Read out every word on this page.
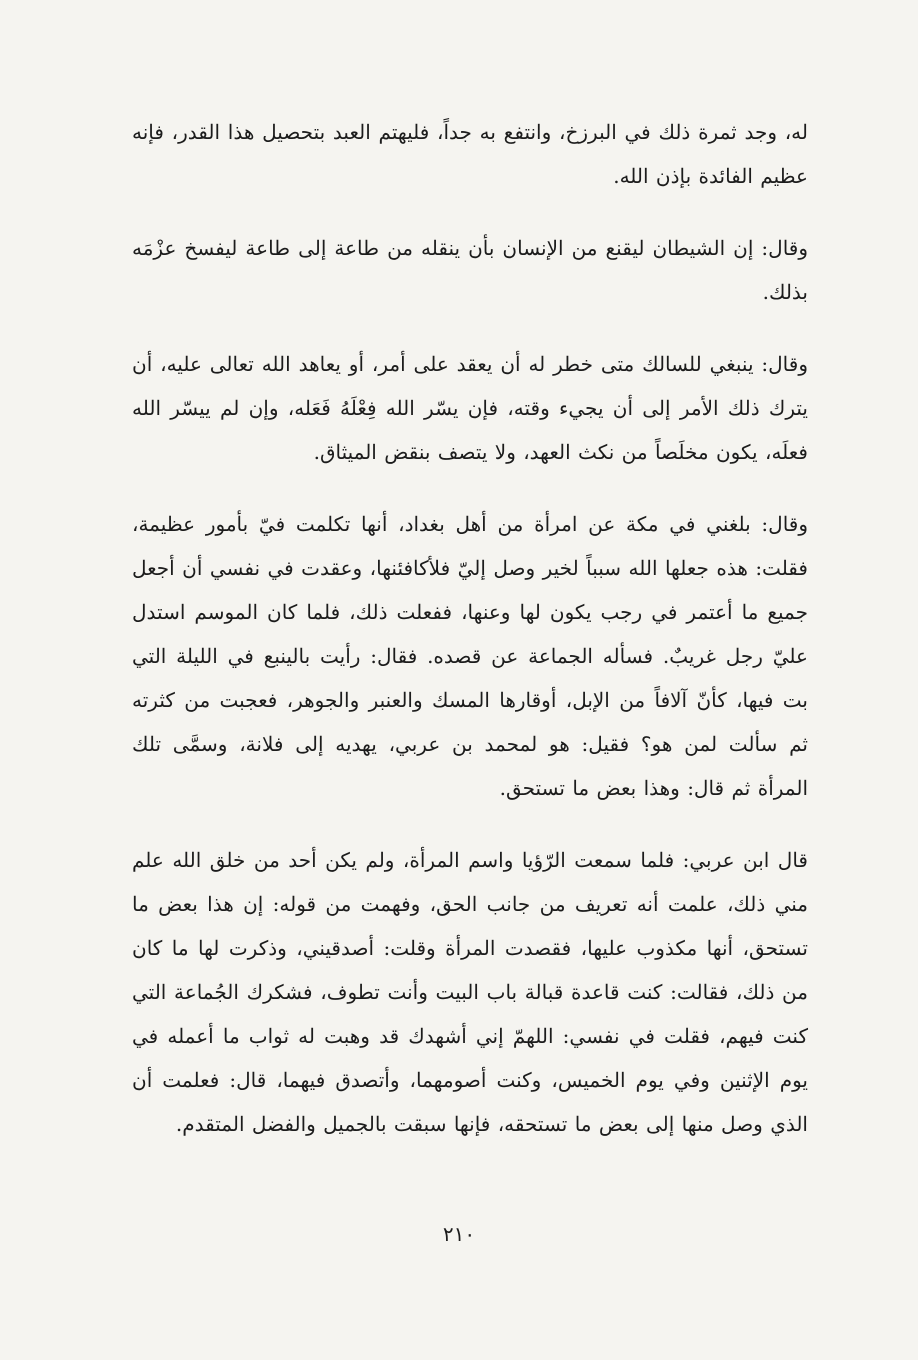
له، وجد ثمرة ذلك في البرزخ، وانتفع به جداً، فليهتم العبد بتحصيل هذا القدر، فإنه عظيم الفائدة بإذن الله.

وقال: إن الشيطان ليقنع من الإنسان بأن ينقله من طاعة إلى طاعة ليفسخ عزْمَه بذلك.

وقال: ينبغي للسالك متى خطر له أن يعقد على أمر، أو يعاهد الله تعالى عليه، أن يترك ذلك الأمر إلى أن يجيء وقته، فإن يسّر الله فِعْلَهُ فَعَله، وإن لم ييسّر الله فعلَه، يكون مخلَصاً من نكث العهد، ولا يتصف بنقض الميثاق.

وقال: بلغني في مكة عن امرأة من أهل بغداد، أنها تكلمت فيّ بأمور عظيمة، فقلت: هذه جعلها الله سبباً لخير وصل إليّ فلأكافئنها، وعقدت في نفسي أن أجعل جميع ما أعتمر في رجب يكون لها وعنها، ففعلت ذلك، فلما كان الموسم استدل عليّ رجل غريبٌ. فسأله الجماعة عن قصده. فقال: رأيت بالينبع في الليلة التي بت فيها، كأنّ آلافاً من الإبل، أوقارها المسك والعنبر والجوهر، فعجبت من كثرته ثم سألت لمن هو؟ فقيل: هو لمحمد بن عربي، يهديه إلى فلانة، وسمَّى تلك المرأة ثم قال: وهذا بعض ما تستحق.

قال ابن عربي: فلما سمعت الرّؤيا واسم المرأة، ولم يكن أحد من خلق الله علم مني ذلك، علمت أنه تعريف من جانب الحق، وفهمت من قوله: إن هذا بعض ما تستحق، أنها مكذوب عليها، فقصدت المرأة وقلت: أصدقيني، وذكرت لها ما كان من ذلك، فقالت: كنت قاعدة قبالة باب البيت وأنت تطوف، فشكرك الجُماعة التي كنت فيهم، فقلت في نفسي: اللهمّ إني أشهدك قد وهبت له ثواب ما أعمله في يوم الإثنين وفي يوم الخميس، وكنت أصومهما، وأتصدق فيهما، قال: فعلمت أن الذي وصل منها إلى بعض ما تستحقه، فإنها سبقت بالجميل والفضل المتقدم.

٢١٠
